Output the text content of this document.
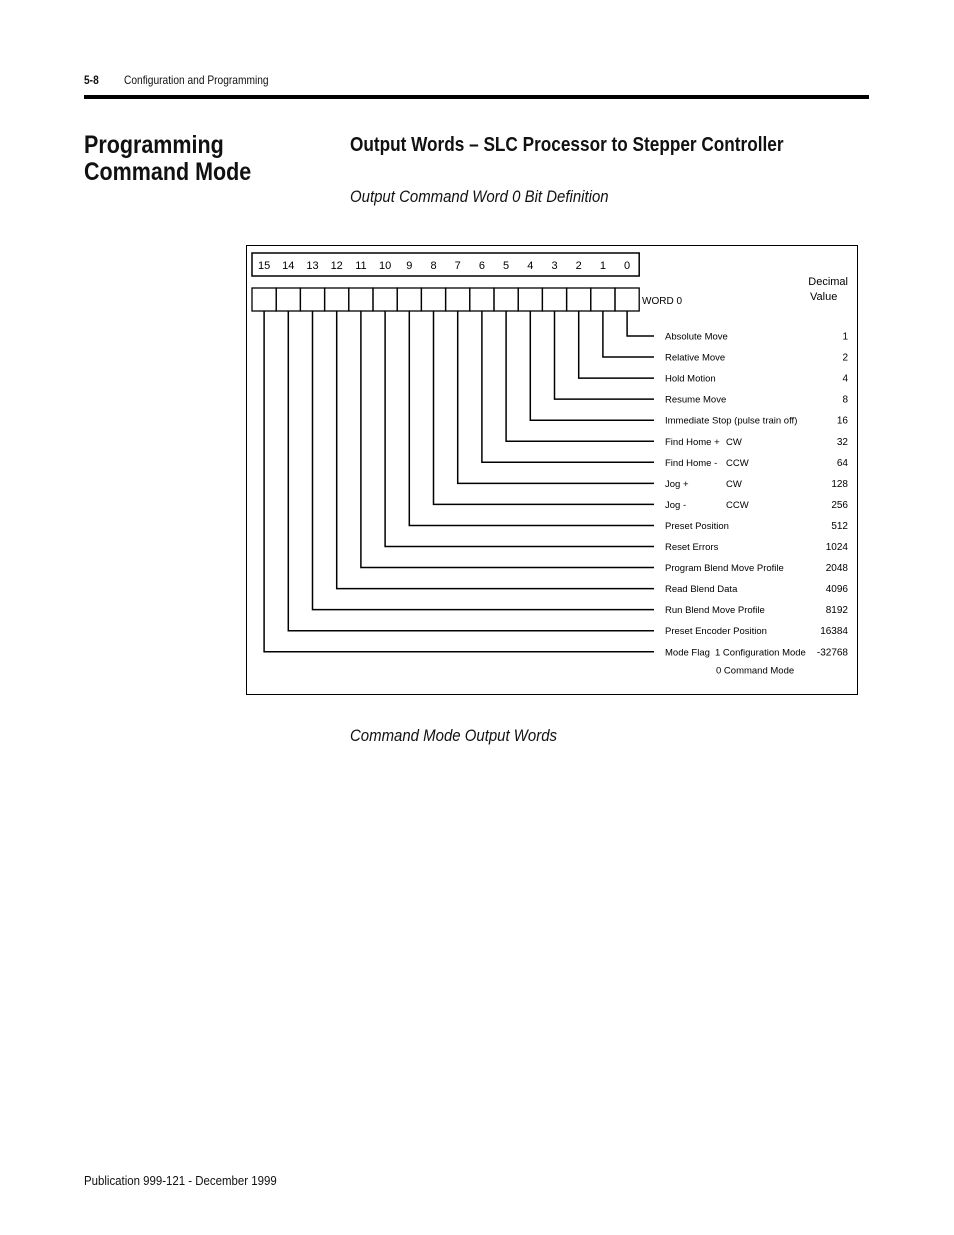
5-8 Configuration and Programming
Programming Command Mode
Output Words – SLC Processor to Stepper Controller
Output Command Word 0 Bit Definition
15 14 13 12 11 10 9 8 7 6 5 4 3 2 1 0
WORD 0
Decimal
Value
Absolute Move	1
Relative Move	2
Hold Motion	4
Resume Move	8
Immediate Stop (pulse train off)	16
Find Home + CW	32
Find Home - CCW	64
Jog +	CW	128
Jog -	CCW	256
Preset Position	512
Reset Errors	1024
Program Blend Move Profile	2048
Read Blend Data	4096
Run Blend Move Profile	8192
Preset Encoder Position	16384
Mode Flag 1 Configuration Mode -32768
0 Command Mode
Command Mode Output Words
Publication 999-121 - December 1999
